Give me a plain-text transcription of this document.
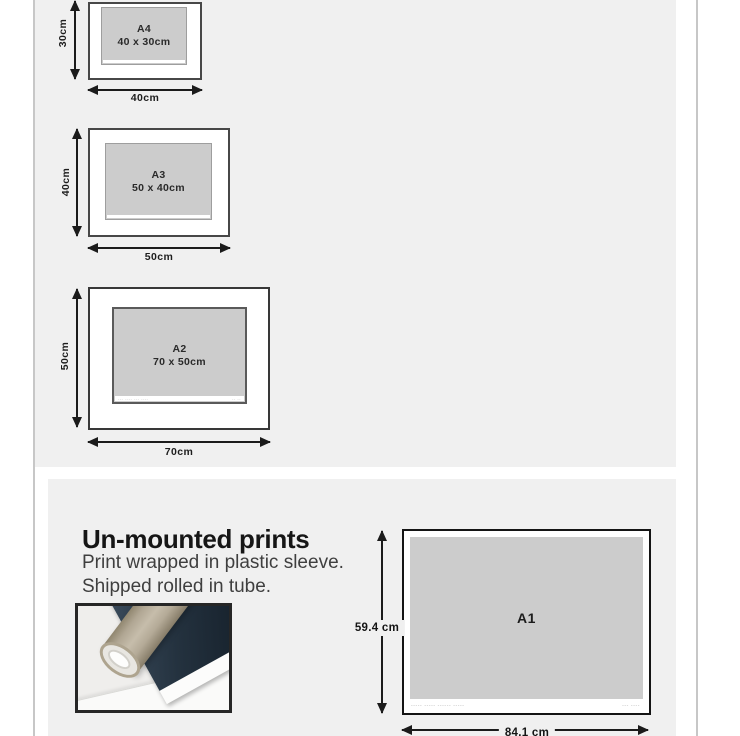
30cm	A4
40 x 30cm
40cm
40cm	A3
50 x 40cm
50cm
50cm	A2
70 x 50cm
--- ---- --- ----	-- --
70cm
Un-mounted prints
Print wrapped in plastic sleeve.
Shipped rolled in tube.
59.4 cm
A1
----- ----- ------ -----	--- ----
84.1 cm
